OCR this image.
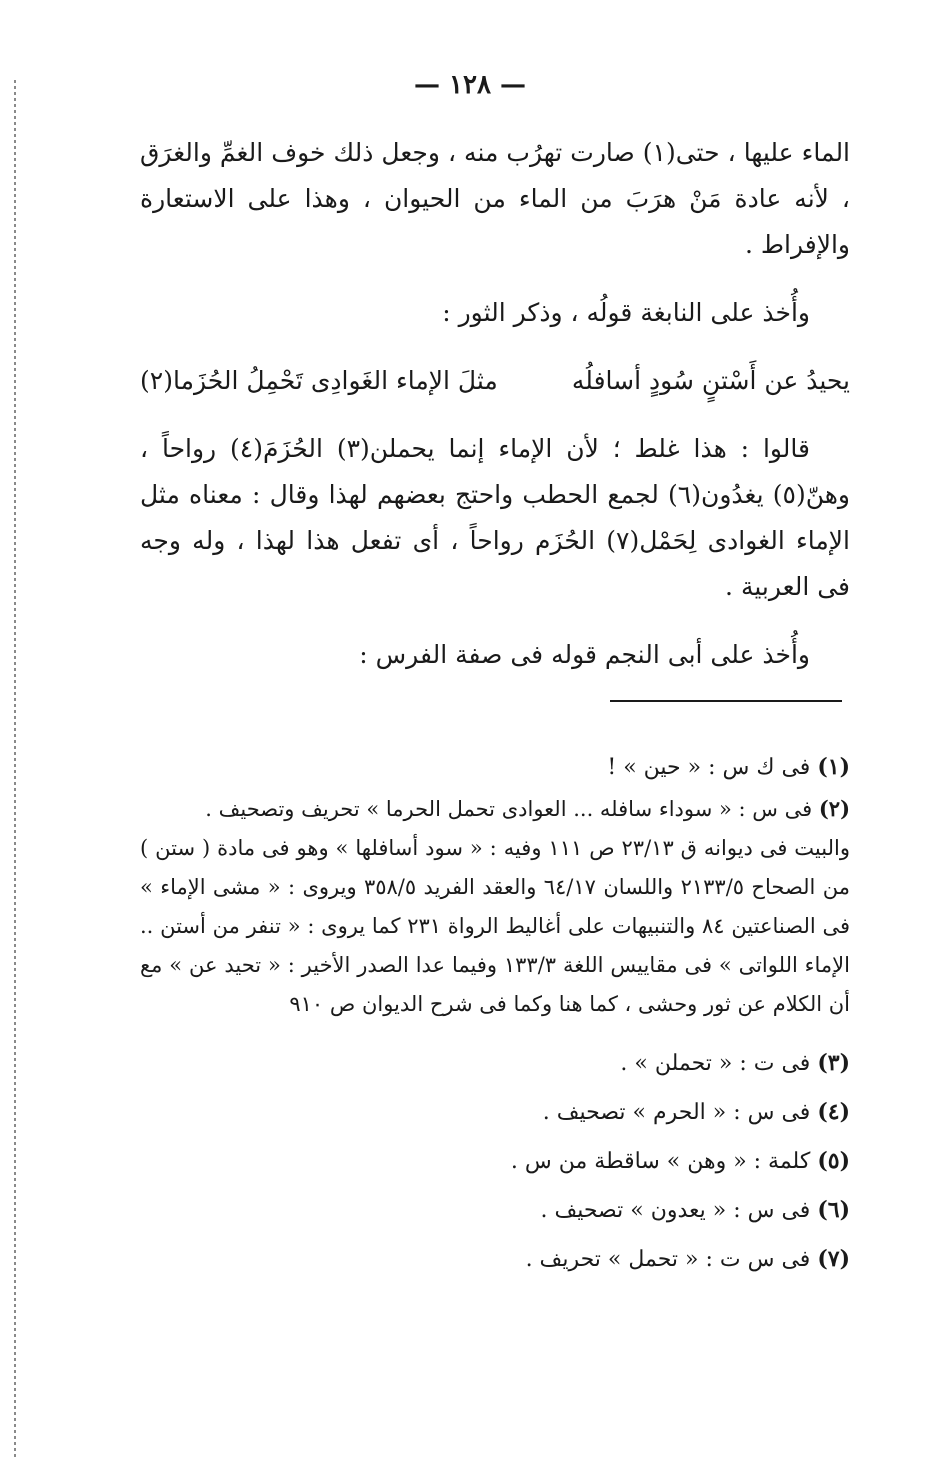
— ١٢٨ —

الماء عليها ، حتى(١) صارت تهرُب منه ، وجعل ذلك خوف الغمِّ والغرَق ، لأنه عادة مَنْ هرَبَ من الماء من الحيوان ، وهذا على الاستعارة والإفراط .

وأُخذ على النابغة قولُه ، وذكر الثور :

يحيدُ عن أَسْتنٍ سُودٍ أسافلُه
مثلَ الإماء الغَوادِى تَحْمِلُ الحُزَما(٢)

قالوا : هذا غلط ؛ لأن الإماء إنما يحملن(٣) الحُزَمَ(٤) رواحاً ، وهنّ(٥) يغدُون(٦) لجمع الحطب واحتج بعضهم لهذا وقال : معناه مثل الإماء الغوادى لِحَمْل(٧) الحُزَم رواحاً ، أى تفعل هذا لهذا ، وله وجه فى العربية .

وأُخذ على أبى النجم قوله فى صفة الفرس :

(١) فى ك س : « حين » !

(٢) فى س : « سوداء سافله ... العوادى تحمل الحرما » تحريف وتصحيف .
والبيت فى ديوانه ق ٢٣/١٣ ص ١١١ وفيه : « سود أسافلها » وهو فى مادة ( ستن ) من الصحاح ٢١٣٣/٥ واللسان ٦٤/١٧ والعقد الفريد ٣٥٨/٥ ويروى : « مشى الإماء » فى الصناعتين ٨٤ والتنبيهات على أغاليط الرواة ٢٣١ كما يروى : « تنفر من أستن .. الإماء اللواتى » فى مقاييس اللغة ١٣٣/٣ وفيما عدا الصدر الأخير : « تحيد عن » مع أن الكلام عن ثور وحشى ، كما هنا وكما فى شرح الديوان ص ٩١٠

(٣) فى ت : « تحملن » .

(٤) فى س : « الحرم » تصحيف .

(٥) كلمة : « وهن » ساقطة من س .

(٦) فى س : « يعدون » تصحيف .

(٧) فى س ت : « تحمل » تحريف .
